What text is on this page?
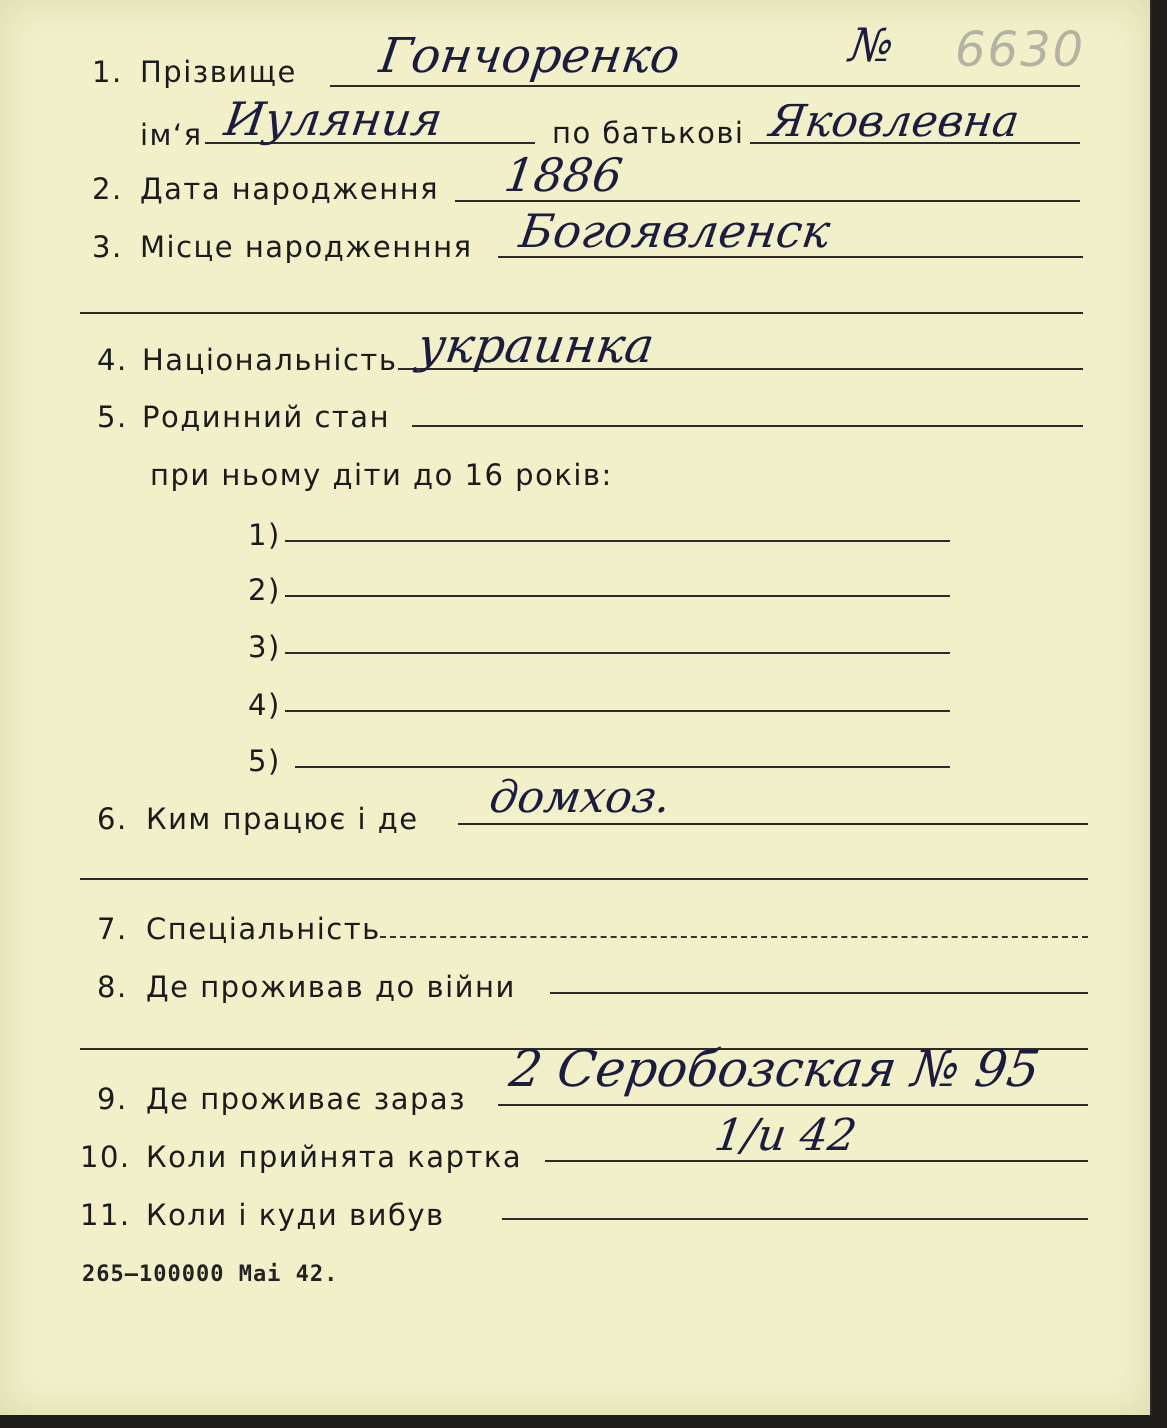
№ 6630
1. Прізвище Гончоренко
ім‘я Иуляния	по батькові Яковлевна
2. Дата народження 1886
3. Місце народженння Богоявленск
4. Національність украинка
5. Родинний стан
при ньому діти до 16 років:
1)
2)
3)
4)
5)
6. Ким працює і де домхоз.
7. Спеціальність
8. Де проживав до війни
9. Де проживає зараз
2 Серобозская № 95
10. Коли прийнята картка	1/и 42
11. Коли і куди вибув
265—100000 Mai 42.
